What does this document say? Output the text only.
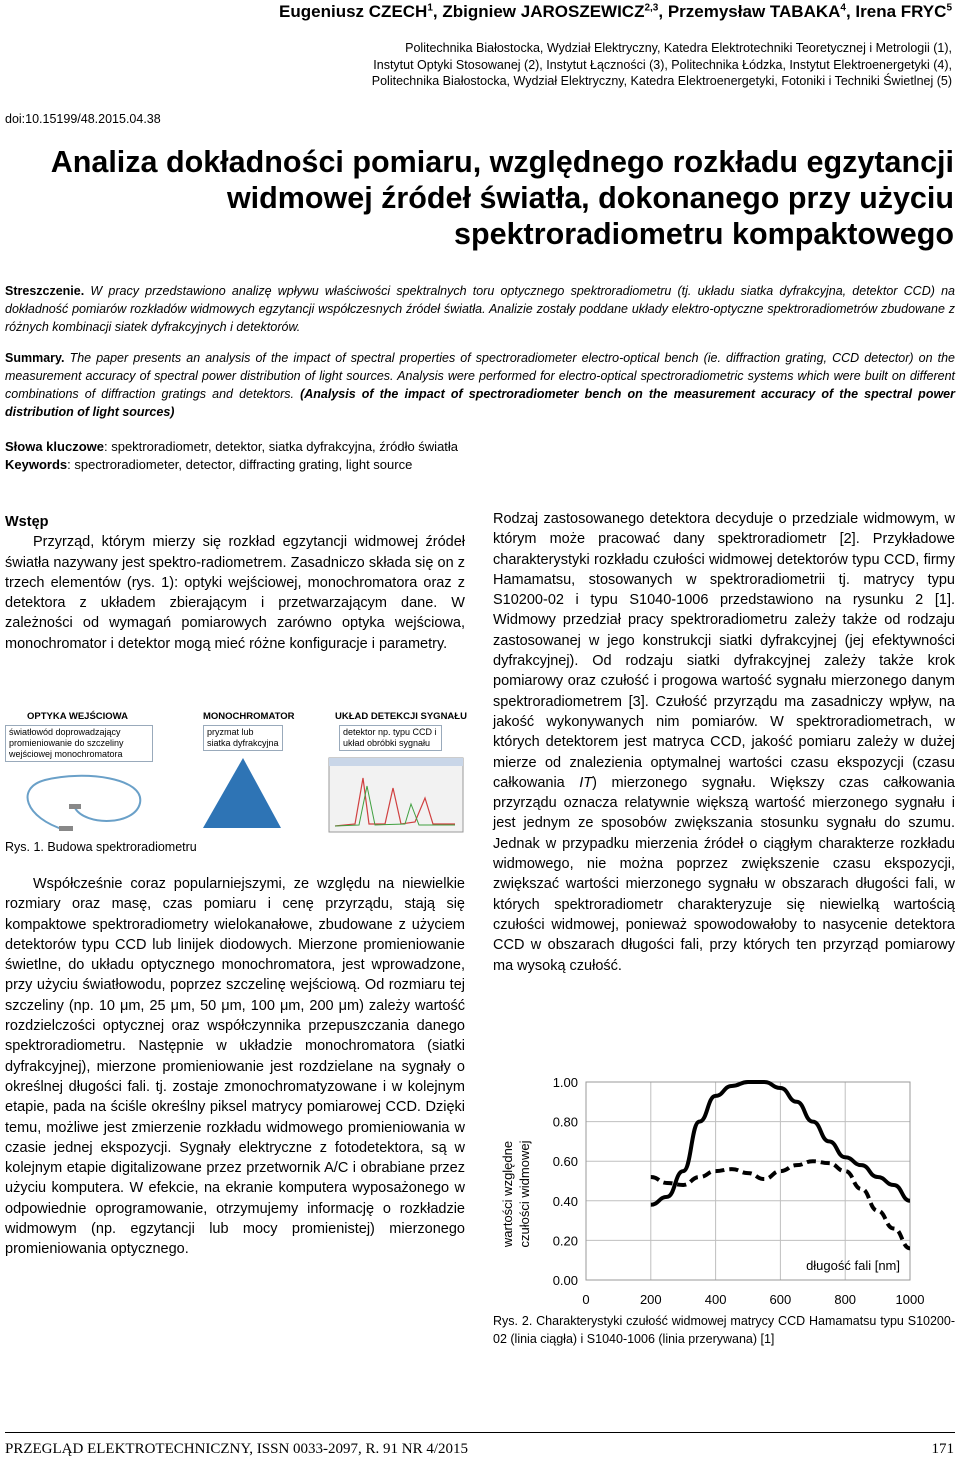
Eugeniusz CZECH$^1$, Zbigniew JAROSZEWICZ$^{2,3}$, Przemysław TABAKA$^4$, Irena FRYC$^5$
Politechnika Białostocka, Wydział Elektryczny, Katedra Elektrotechniki Teoretycznej i Metrologii (1),
Instytut Optyki Stosowanej (2), Instytut Łączności (3), Politechnika Łódzka, Instytut Elektroenergetyki (4),
Politechnika Białostocka, Wydział Elektryczny, Katedra Elektroenergetyki, Fotoniki i Techniki Świetlnej (5)
doi:10.15199/48.2015.04.38
Analiza dokładności pomiaru, względnego rozkładu egzytancji
widmowej źródeł światła, dokonanego przy użyciu
spektroradiometru kompaktowego
Streszczenie. W pracy przedstawiono analizę wpływu właściwości spektralnych toru optycznego spektroradiometru (tj. układu siatka dyfrakcyjna, detektor CCD) na dokładność pomiarów rozkładów widmowych egzytancji współczesnych źródeł światła. Analizie zostały poddane układy elektro-optyczne spektroradiometrów zbudowane z różnych kombinacji siatek dyfrakcyjnych i detektorów.
Summary. The paper presents an analysis of the impact of spectral properties of spectroradiometer electro-optical bench (ie. diffraction grating, CCD detector) on the measurement accuracy of spectral power distribution of light sources. Analysis were performed for electro-optical spectroradiometric systems which were built on different combinations of diffraction gratings and detektors. (Analysis of the impact of spectroradiometer bench on the measurement accuracy of the spectral power distribution of light sources)
Słowa kluczowe: spektroradiometr, detektor, siatka dyfrakcyjna, źródło światła
Keywords: spectroradiometer, detector, diffracting grating, light source
Wstęp

Przyrząd, którym mierzy się rozkład egzytancji widmowej źródeł światła nazywany jest spektro-radiometrem. Zasadniczo składa się on z trzech elementów (rys. 1): optyki wejściowej, monochromatora oraz z detektora z układem zbierającym i przetwarzającym dane. W zależności od wymagań pomiarowych zarówno optyka wejściowa, monochromator i detektor mogą mieć różne konfiguracje i parametry.

OPTYKA WEJŚCIOWA
światłowód doprowadzający promieniowanie do szczeliny wejściowej monochromatora
MONOCHROMATOR
pryzmat lub siatka dyfrakcyjna
UKŁAD DETEKCJI SYGNAŁU
detektor np. typu CCD i układ obróbki sygnału
Rys. 1. Budowa spektroradiometru

Współcześnie coraz popularniejszymi, ze względu na niewielkie rozmiary oraz masę, czas pomiaru i cenę przyrządu, stają się kompaktowe spektroradiometry wielokanałowe, zbudowane z użyciem detektorów typu CCD lub linijek diodowych. Mierzone promieniowanie świetlne, do układu optycznego monochromatora, jest wprowadzone, przy użyciu światłowodu, poprzez szczelinę wejściową. Od rozmiaru tej szczeliny (np. 10 μm, 25 μm, 50 μm, 100 μm, 200 μm) zależy wartość rozdzielczości optycznej oraz współczynnika przepuszczania danego spektroradiometru. Następnie w układzie monochromatora (siatki dyfrakcyjnej), mierzone promieniowanie jest rozdzielane na sygnały o określnej długości fali. tj. zostaje zmonochromatyzowane i w kolejnym etapie, pada na ściśle określny piksel matrycy pomiarowej CCD. Dzięki temu, możliwe jest zmierzenie rozkładu widmowego promieniowania w czasie jednej ekspozycji. Sygnały elektryczne z fotodetektora, są w kolejnym etapie digitalizowane przez przetwornik A/C i obrabiane przez użyciu komputera. W efekcie, na ekranie komputera wyposażonego w odpowiednie oprogramowanie, otrzymujemy informację o rozkładzie widmowym (np. egzytancji lub mocy promienistej) mierzonego promieniowania optycznego.

Rodzaj zastosowanego detektora decyduje o przedziale widmowym, w którym może pracować dany spektroradiometr [2]. Przykładowe charakterystyki rozkładu czułości widmowej detektorów typu CCD, firmy Hamamatsu, stosowanych w spektroradiometrii tj. matrycy typu S10200-02 i typu S1040-1006 przedstawiono na rysunku 2 [1]. Widmowy przedział pracy spektroradiometru zależy także od rodzaju zastosowanej w jego konstrukcji siatki dyfrakcyjnej (jej efektywności dyfrakcyjnej). Od rodzaju siatki dyfrakcyjnej zależy także krok pomiarowy oraz czułość i progowa wartość sygnału mierzonego danym spektroradiometrem [3]. Czułość przyrządu ma zasadniczy wpływ, na jakość wykonywanych nim pomiarów. W spektroradiometrach, w których detektorem jest matryca CCD, jakość pomiaru zależy w dużej mierze od znalezienia optymalnej wartości czasu ekspozycji (czasu całkowania IT) mierzonego sygnału. Większy czas całkowania przyrządu oznacza relatywnie większą wartość mierzonego sygnału i jest jednym ze sposobów zwiększania stosunku sygnału do szumu. Jednak w przypadku mierzenia źródeł o ciągłym charakterze rozkładu widmowego, nie można poprzez zwiększenie czasu ekspozycji, zwiększać wartości mierzonego sygnału w obszarach długości fali, w których spektroradiometr charakteryzuje się niewielką wartością czułości widmowej, ponieważ spowodowałoby to nasycenie detektora CCD w obszarach długości fali, przy których ten przyrząd pomiarowy ma wysoką czułość.

0.00
0.20
0.40
0.60
0.80
1.00
0	200	400	600	800	1000
długość fali [nm]
wartości względne czułości widmowej
Rys. 2. Charakterystyki czułość widmowej matrycy CCD Hamamatsu typu S10200-02 (linia ciągła) i S1040-1006 (linia przerywana) [1]
PRZEGLĄD ELEKTROTECHNICZNY, ISSN 0033-2097, R. 91 NR 4/2015	171
